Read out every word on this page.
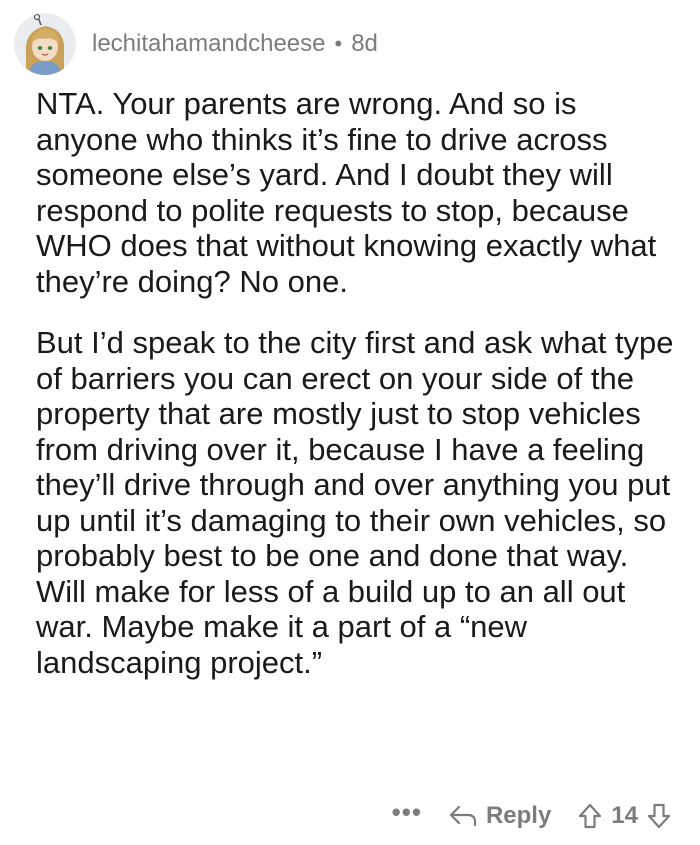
lechitahamandcheese • 8d

NTA. Your parents are wrong. And so is anyone who thinks it’s fine to drive across someone else’s yard. And I doubt they will respond to polite requests to stop, because WHO does that without knowing exactly what they’re doing? No one.

But I’d speak to the city first and ask what type of barriers you can erect on your side of the property that are mostly just to stop vehicles from driving over it, because I have a feeling they’ll drive through and over anything you put up until it’s damaging to their own vehicles, so probably best to be one and done that way. Will make for less of a build up to an all out war. Maybe make it a part of a “new landscaping project.”

•••	Reply	14
